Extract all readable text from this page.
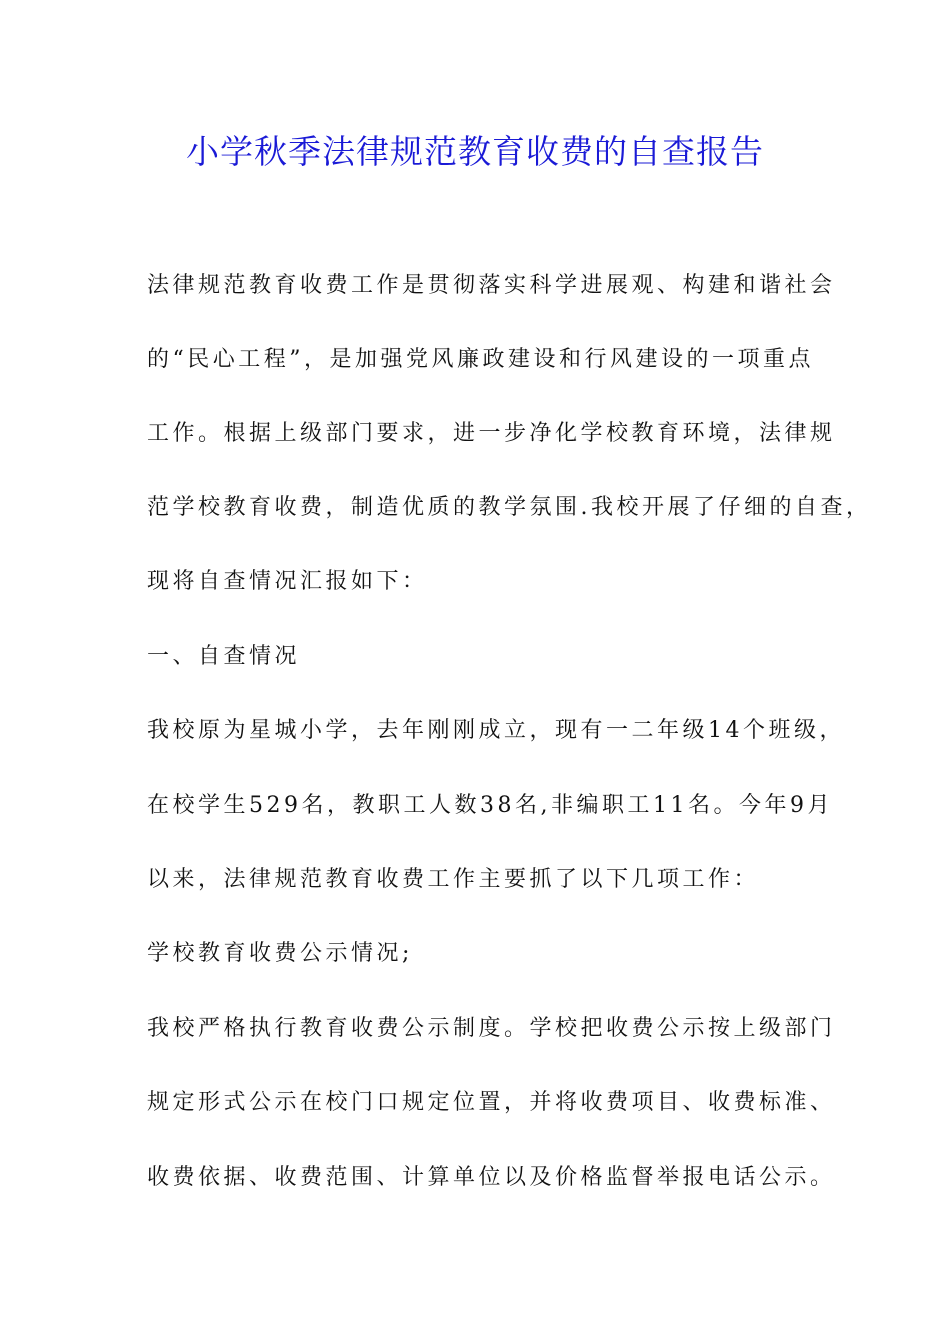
小学秋季法律规范教育收费的自查报告
法律规范教育收费工作是贯彻落实科学进展观、构建和谐社会
的“民心工程”，是加强党风廉政建设和行风建设的一项重点
工作。根据上级部门要求，进一步净化学校教育环境，法律规
范学校教育收费，制造优质的教学氛围.我校开展了仔细的自查，
现将自查情况汇报如下：
一、自查情况
我校原为星城小学，去年刚刚成立，现有一二年级14个班级，
在校学生529名，教职工人数38名,非编职工11名。今年9月
以来，法律规范教育收费工作主要抓了以下几项工作：
学校教育收费公示情况;
我校严格执行教育收费公示制度。学校把收费公示按上级部门
规定形式公示在校门口规定位置，并将收费项目、收费标准、
收费依据、收费范围、计算单位以及价格监督举报电话公示。
